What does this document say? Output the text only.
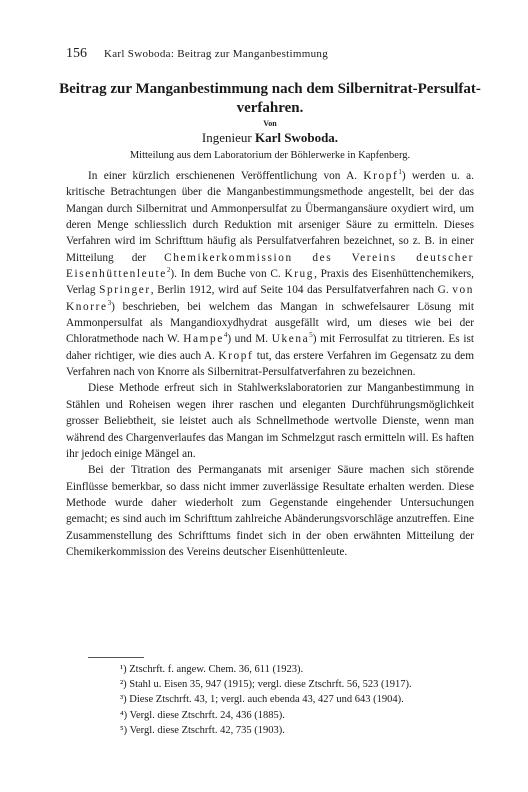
156 Karl Swoboda: Beitrag zur Manganbestimmung
Beitrag zur Manganbestimmung nach dem Silbernitrat-Persulfat-
verfahren.
Von
Ingenieur Karl Swoboda.
Mitteilung aus dem Laboratorium der Böhlerwerke in Kapfenberg.

In einer kürzlich erschienenen Veröffentlichung von A. Kropf$^1$) werden u. a. kritische Betrachtungen über die Manganbestimmungsmethode angestellt, bei der das Mangan durch Silbernitrat und Ammonpersulfat zu Übermangansäure oxydiert wird, um deren Menge schliesslich durch Reduktion mit arseniger Säure zu ermitteln. Dieses Verfahren wird im Schrifttum häufig als Persulfatverfahren bezeichnet, so z. B. in einer Mitteilung der Chemikerkommission des Vereins deutscher Eisenhüttenleute$^2$). In dem Buche von C. Krug, Praxis des Eisenhüttenchemikers, Verlag Springer, Berlin 1912, wird auf Seite 104 das Persulfatverfahren nach G. von Knorre$^3$) beschrieben, bei welchem das Mangan in schwefelsaurer Lösung mit Ammonpersulfat als Mangandioxydhydrat ausgefällt wird, um dieses wie bei der Chloratmethode nach W. Hampe$^4$) und M. Ukena$^5$) mit Ferrosulfat zu titrieren. Es ist daher richtiger, wie dies auch A. Kropf tut, das erstere Verfahren im Gegensatz zu dem Verfahren nach von Knorre als Silbernitrat-Persulfatverfahren zu bezeichnen.

Diese Methode erfreut sich in Stahlwerkslaboratorien zur Manganbestimmung in Stählen und Roheisen wegen ihrer raschen und eleganten Durchführungsmöglichkeit grosser Beliebtheit, sie leistet auch als Schnellmethode wertvolle Dienste, wenn man während des Chargenverlaufes das Mangan im Schmelzgut rasch ermitteln will. Es haften ihr jedoch einige Mängel an.

Bei der Titration des Permanganats mit arseniger Säure machen sich störende Einflüsse bemerkbar, so dass nicht immer zuverlässige Resultate erhalten werden. Diese Methode wurde daher wiederholt zum Gegenstande eingehender Untersuchungen gemacht; es sind auch im Schrifttum zahlreiche Abänderungsvorschläge anzutreffen. Eine Zusammenstellung des Schrifttums findet sich in der oben erwähnten Mitteilung der Chemikerkommission des Vereins deutscher Eisenhüttenleute.

¹) Ztschrft. f. angew. Chem. 36, 611 (1923).
²) Stahl u. Eisen 35, 947 (1915); vergl. diese Ztschrft. 56, 523 (1917).
³) Diese Ztschrft. 43, 1; vergl. auch ebenda 43, 427 und 643 (1904).
⁴) Vergl. diese Ztschrft. 24, 436 (1885).
⁵) Vergl. diese Ztschrft. 42, 735 (1903).
